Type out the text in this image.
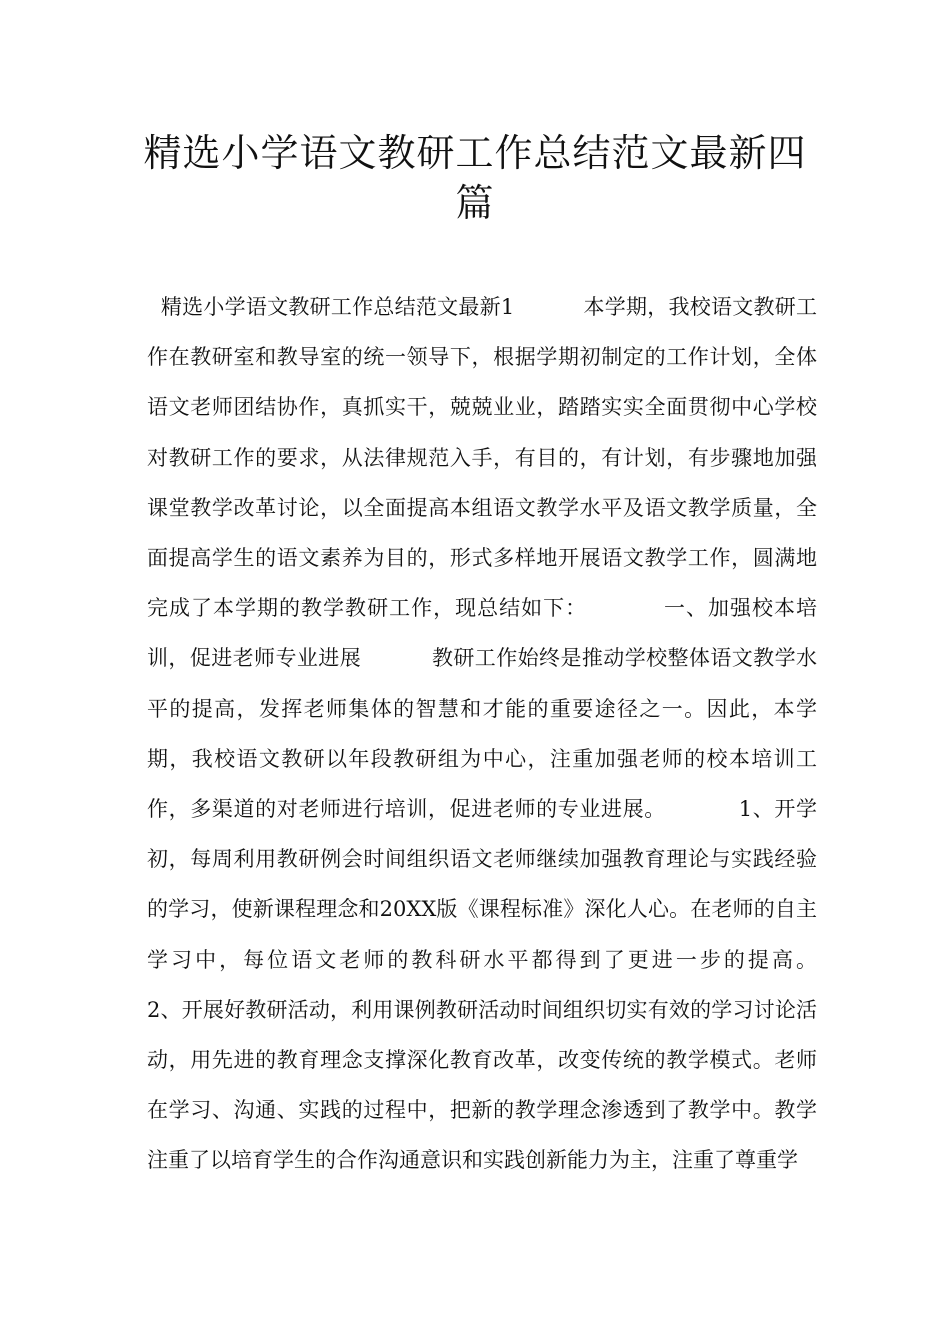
精选小学语文教研工作总结范文最新四篇

精选小学语文教研工作总结范文最新1          本学期，我校语文教研工作在教研室和教导室的统一领导下，根据学期初制定的工作计划，全体语文老师团结协作，真抓实干，兢兢业业，踏踏实实全面贯彻中心学校对教研工作的要求，从法律规范入手，有目的，有计划，有步骤地加强课堂教学改革讨论，以全面提高本组语文教学水平及语文教学质量，全面提高学生的语文素养为目的，形式多样地开展语文教学工作，圆满地完成了本学期的教学教研工作，现总结如下：          一、加强校本培训，促进老师专业进展          教研工作始终是推动学校整体语文教学水平的提高，发挥老师集体的智慧和才能的重要途径之一。因此，本学期，我校语文教研以年段教研组为中心，注重加强老师的校本培训工作，多渠道的对老师进行培训，促进老师的专业进展。          1、开学初，每周利用教研例会时间组织语文老师继续加强教育理论与实践经验的学习，使新课程理念和20XX版《课程标准》深化人心。在老师的自主学习中，每位语文老师的教科研水平都得到了更进一步的提高。          2、开展好教研活动，利用课例教研活动时间组织切实有效的学习讨论活动，用先进的教育理念支撑深化教育改革，改变传统的教学模式。老师在学习、沟通、实践的过程中，把新的教学理念渗透到了教学中。教学注重了以培育学生的合作沟通意识和实践创新能力为主，注重了尊重学
